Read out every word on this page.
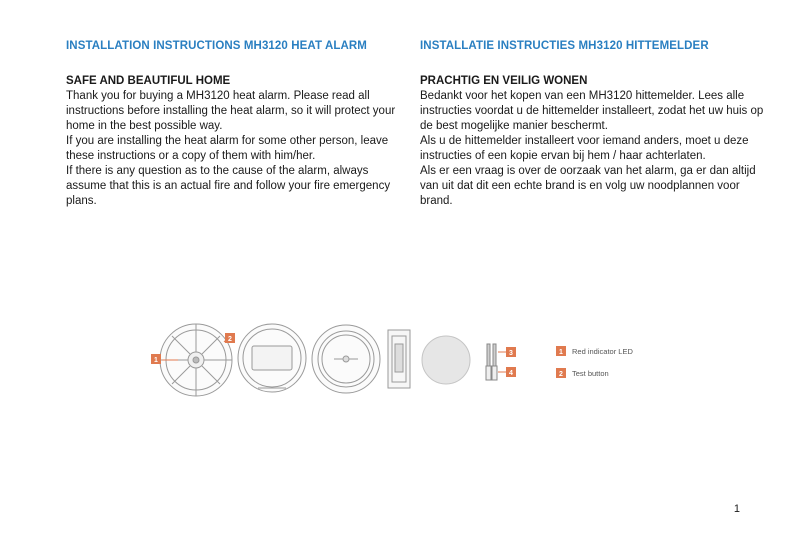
INSTALLATION INSTRUCTIONS MH3120 HEAT ALARM

SAFE AND BEAUTIFUL HOME

Thank you for buying a MH3120 heat alarm. Please read all instructions before installing the heat alarm, so it will protect your home in the best possible way.

If you are installing the heat alarm for some other person, leave these instructions or a copy of them with him/her.

If there is any question as to the cause of the alarm, always assume that this is an actual fire and follow your fire emergency plans.

INSTALLATIE INSTRUCTIES MH3120 HITTEMELDER

PRACHTIG EN VEILIG WONEN

Bedankt voor het kopen van een MH3120 hittemelder. Lees alle instructies voordat u de hittemelder installeert, zodat het uw huis op de best mogelijke manier beschermt.

Als u de hittemelder installeert voor iemand anders, moet u deze instructies of een kopie ervan bij hem / haar achterlaten.

Als er een vraag is over de oorzaak van het alarm, ga er dan altijd van uit dat dit een echte brand is en volg uw noodplannen voor brand.

1
2
3
4
1 Red indicator LED
2 Test button
1
